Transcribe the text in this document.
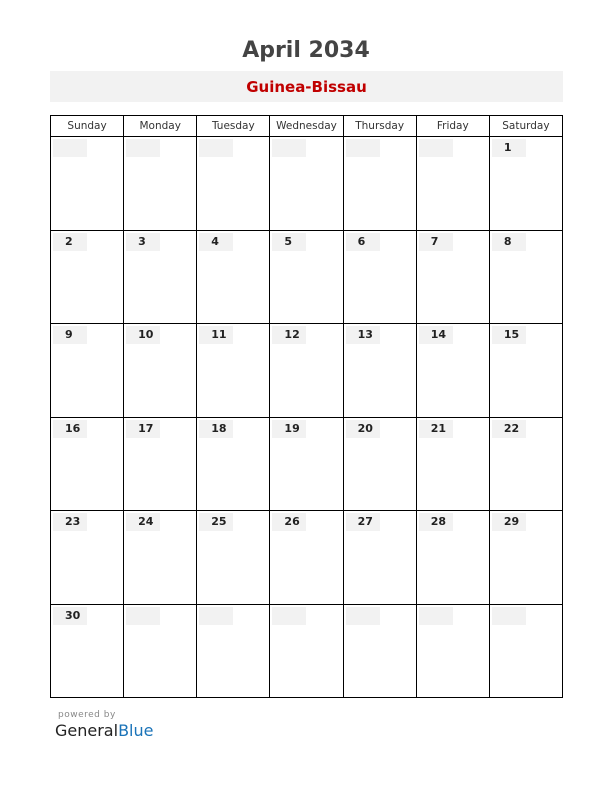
April 2034
Guinea-Bissau
Sunday	Monday	Tuesday	Wednesday	Thursday	Friday	Saturday

						1

2	3	4	5	6	7	8

9	10	11	12	13	14	15

16	17	18	19	20	21	22

23	24	25	26	27	28	29

30						

powered by
GeneralBlue
